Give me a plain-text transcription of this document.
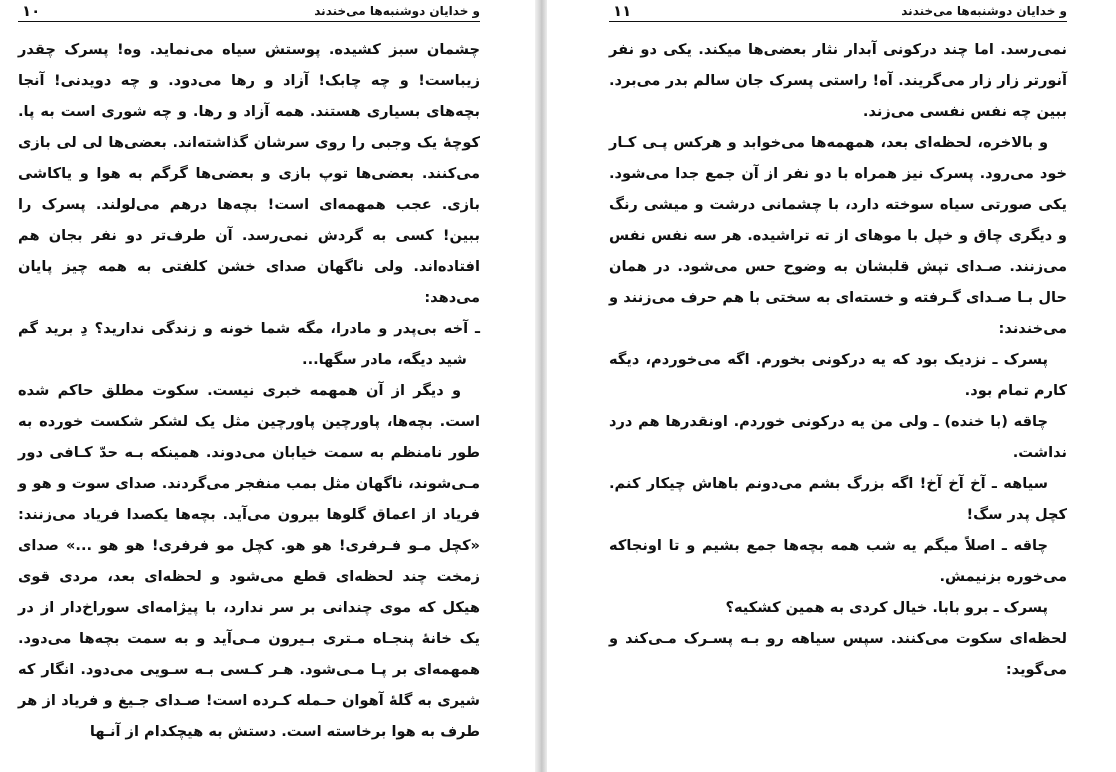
۱۰	و خدایان دوشنبه‌ها می‌خندند

چشمان سبز کشیده. پوستش سیاه می‌نماید. وه! پسرک چقدر زیباست! و چه چابک! آزاد و رها می‌دود. و چه دویدنی! آنجا بچه‌های بسیاری هستند. همه آزاد و رها. و چه شوری است به پا. کوچهٔ یک وجبی را روی سرشان گذاشته‌اند. بعضی‌ها لی لی بازی می‌کنند. بعضی‌ها توپ بازی و بعضی‌ها گرگم به هوا و یاکاشی بازی. عجب همهمه‌ای است! بچه‌ها درهم می‌لولند. پسرک را ببین! کسی به گردش نمی‌رسد. آن طرف‌تر دو نفر بجان هم افتاده‌اند. ولی ناگهان صدای خشن کلفتی به همه چیز پایان می‌دهد:

ـ آخه بی‌پدر و مادرا، مگه شما خونه و زندگی ندارید؟ دِ برید گم شید دیگه، مادر سگها...

و دیگر از آن همهمه خبری نیست. سکوت مطلق حاکم شده است. بچه‌ها، پاورچین پاورچین مثل یک لشکر شکست خورده به طور نامنظم به سمت خیابان می‌دوند. همینکه بـه حدّ کـافی دور مـی‌شوند، ناگهان مثل بمب منفجر می‌گردند. صدای سوت و هو و فریاد از اعماق گلوها بیرون می‌آید. بچه‌ها یکصدا فریاد می‌زنند: «کچل مـو فـرفری! هو هو. کچل مو فرفری! هو هو ...» صدای زمخت چند لحظه‌ای قطع می‌شود و لحظه‌ای بعد، مردی قوی هیکل که موی چندانی بر سر ندارد، با پیژامه‌ای سوراخ‌دار از در یک خانهٔ پنجـاه مـتری بـیرون مـی‌آید و به سمت بچه‌ها می‌دود. همهمه‌ای بر پـا مـی‌شود. هـر کـسی بـه سـویی می‌دود. انگار که شیری به گلهٔ آهوان حـمله کـرده است! صـدای جـیغ و فریاد از هر طرف به هوا برخاسته است. دستش به هیچکدام از آنـها

۱۱	و خدایان دوشنبه‌ها می‌خندند

نمی‌رسد. اما چند درکونی آبدار نثار بعضی‌ها میکند. یکی دو نفر آنورتر زار زار می‌گریند. آه! راستی پسرک جان سالم بدر می‌برد. ببین چه نفس نفسی می‌زند.

و بالاخره، لحظه‌ای بعد، همهمه‌ها می‌خوابد و هرکس پـی کـار خود می‌رود. پسرک نیز همراه با دو نفر از آن جمع جدا می‌شود. یکی صورتی سیاه سوخته دارد، با چشمانی درشت و میشی رنگ و دیگری چاق و خپل با موهای از ته تراشیده. هر سه نفس نفس می‌زنند. صـدای تپش قلبشان به وضوح حس می‌شود. در همان حال بـا صـدای گـرفته و خسته‌ای به سختی با هم حرف می‌زنند و می‌خندند:

پسرک ـ نزدیک بود که یه درکونی بخورم. اگه می‌خوردم، دیگه کارم تمام بود.

چاقه (با خنده) ـ ولی من یه درکونی خوردم. اونقدرها هم درد نداشت.

سیاهه ـ آخ آخ آخ! اگه بزرگ بشم می‌دونم باهاش چیکار کنم. کچل پدر سگ!

چاقه ـ اصلاً میگم یه شب همه بچه‌ها جمع بشیم و تا اونجاکه می‌خوره بزنیمش.

پسرک ـ برو بابا. خیال کردی به همین کشکیه؟

لحظه‌ای سکوت می‌کنند. سپس سیاهه رو بـه پسـرک مـی‌کند و می‌گوید:
